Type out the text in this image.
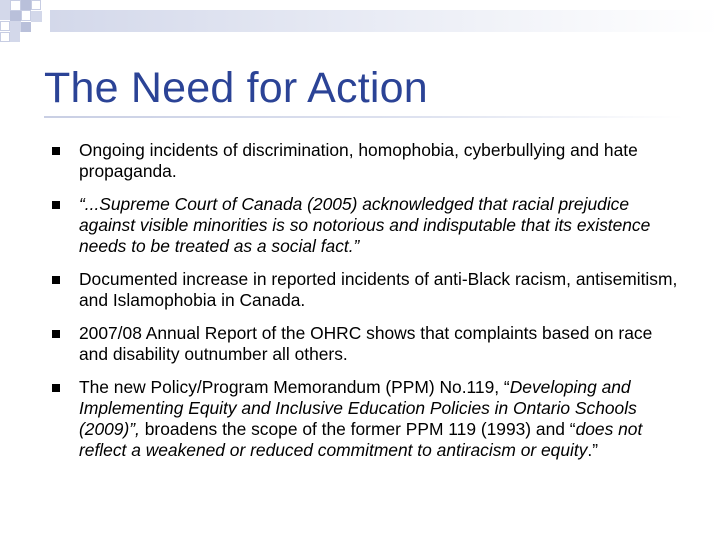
The Need for Action
Ongoing incidents of discrimination, homophobia, cyberbullying and hate propaganda.
“...Supreme Court of Canada (2005) acknowledged that racial prejudice against visible minorities is so notorious and indisputable that its existence needs to be treated as a social fact.”
Documented increase in reported incidents of anti-Black racism, antisemitism, and Islamophobia in Canada.
2007/08 Annual Report of the OHRC shows that complaints based on race and disability outnumber all others.
The new Policy/Program Memorandum (PPM) No.119, “Developing and Implementing Equity and Inclusive Education Policies in Ontario Schools (2009)”, broadens the scope of the former PPM 119 (1993) and “does not reflect a weakened or reduced commitment to antiracism or equity.”
